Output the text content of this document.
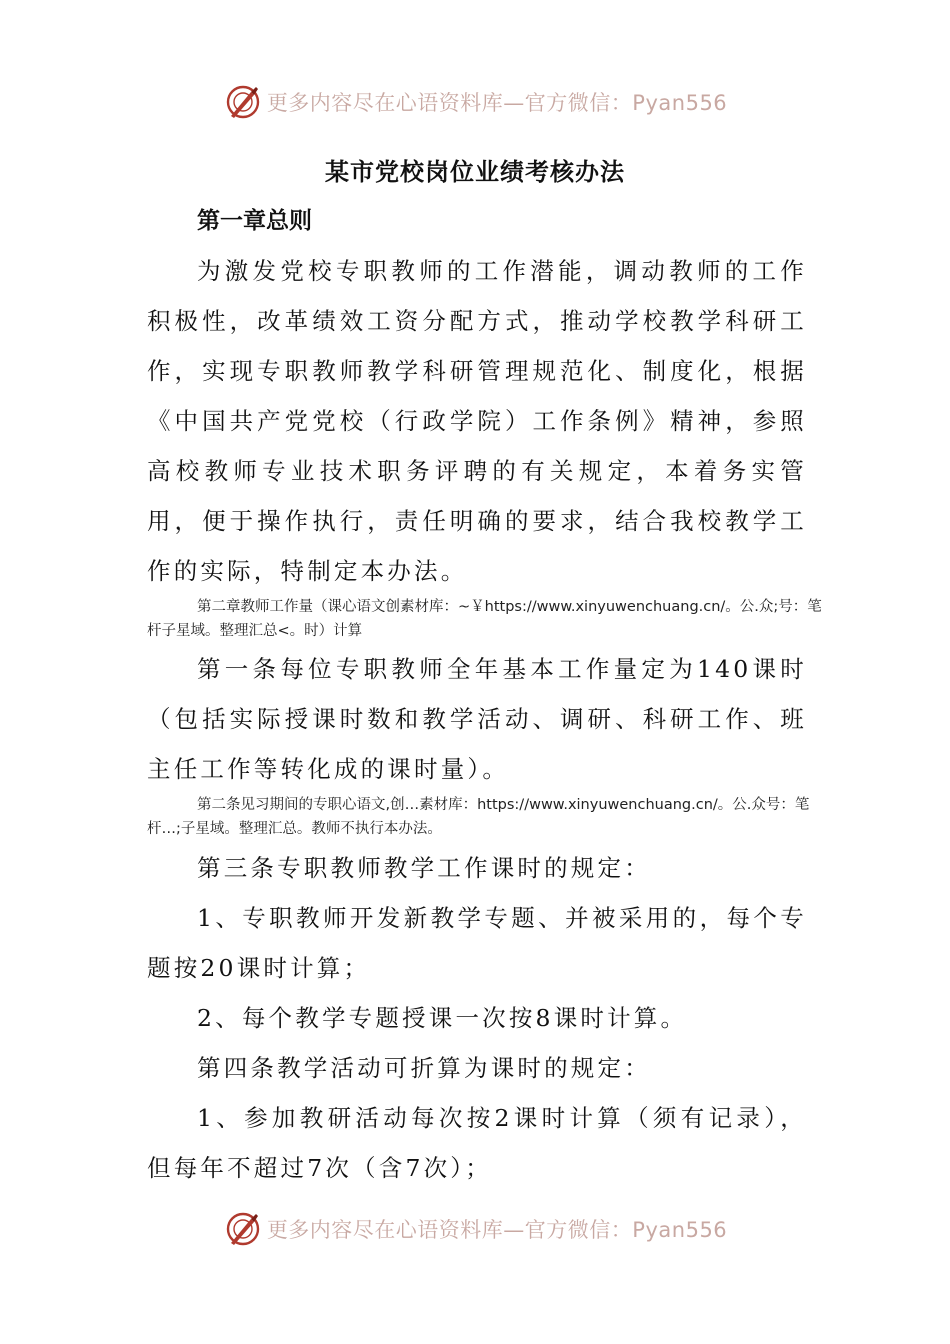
更多内容尽在心语资料库—官方微信：Pyan556
某市党校岗位业绩考核办法
第一章总则

为激发党校专职教师的工作潜能，调动教师的工作积极性，改革绩效工资分配方式，推动学校教学科研工作，实现专职教师教学科研管理规范化、制度化，根据《中国共产党党校（行政学院）工作条例》精神，参照高校教师专业技术职务评聘的有关规定，本着务实管用，便于操作执行，责任明确的要求，结合我校教学工作的实际，特制定本办法。

第二章教师工作量（课心语文创素材库：~￥https://www.xinyuwenchuang.cn/。公.众;号：笔杆子星域。整理汇总<。时）计算

第一条每位专职教师全年基本工作量定为140课时（包括实际授课时数和教学活动、调研、科研工作、班主任工作等转化成的课时量）。

第二条见习期间的专职心语文,创…素材库：https://www.xinyuwenchuang.cn/。公.众号：笔杆…;子星域。整理汇总。教师不执行本办法。

第三条专职教师教学工作课时的规定：

1、专职教师开发新教学专题、并被采用的，每个专题按20课时计算；

2、每个教学专题授课一次按8课时计算。

第四条教学活动可折算为课时的规定：

1、参加教研活动每次按2课时计算（须有记录），但每年不超过7次（含7次）；

更多内容尽在心语资料库—官方微信：Pyan556
